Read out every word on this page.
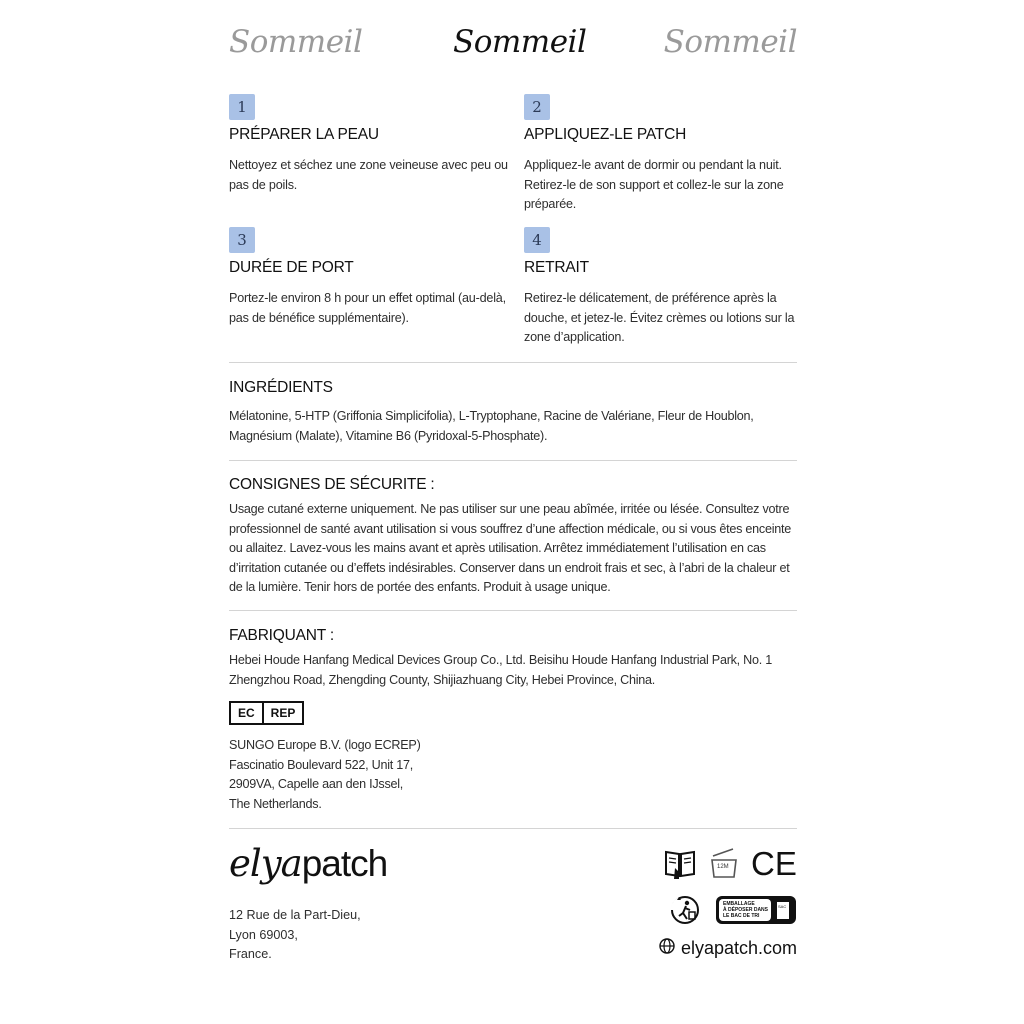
Sommeil	Sommeil Sommeil
1
PRÉPARER LA PEAU
Nettoyez et séchez une zone veineuse avec peu ou pas de poils.
2
APPLIQUEZ-LE PATCH
Appliquez-le avant de dormir ou pendant la nuit. Retirez-le de son support et collez-le sur la zone préparée.
3
DURÉE DE PORT
Portez-le environ 8 h pour un effet optimal (au-delà, pas de bénéfice supplémentaire).
4
RETRAIT
Retirez-le délicatement, de préférence après la douche, et jetez-le. Évitez crèmes ou lotions sur la zone d’application.
INGRÉDIENTS
Mélatonine, 5-HTP (Griffonia Simplicifolia), L-Tryptophane, Racine de Valériane, Fleur de Houblon, Magnésium (Malate), Vitamine B6 (Pyridoxal-5-Phosphate).
CONSIGNES DE SÉCURITE :
Usage cutané externe uniquement. Ne pas utiliser sur une peau abîmée, irritée ou lésée. Consultez votre professionnel de santé avant utilisation si vous souffrez d’une affection médicale, ou si vous êtes enceinte ou allaitez. Lavez-vous les mains avant et après utilisation. Arrêtez immédiatement l’utilisation en cas d’irritation cutanée ou d’effets indésirables. Conserver dans un endroit frais et sec, à l’abri de la chaleur et de la lumière. Tenir hors de portée des enfants. Produit à usage unique.
FABRIQUANT :
Hebei Houde Hanfang Medical Devices Group Co., Ltd. Beisihu Houde Hanfang Industrial Park, No. 1 Zhengzhou Road, Zhengding County, Shijiazhuang City, Hebei Province, China.
EC	REP
SUNGO Europe B.V. (logo ECREP)
Fascinatio Boulevard 522, Unit 17,
2909VA, Capelle aan den IJssel,
The Netherlands.
elyapatch
12 Rue de la Part-Dieu,
Lyon 69003,
France.
12M CE
EMBALLAGE
À DÉPOSER DANS
LE BAC DE TRI
SAC
elyapatch.com
